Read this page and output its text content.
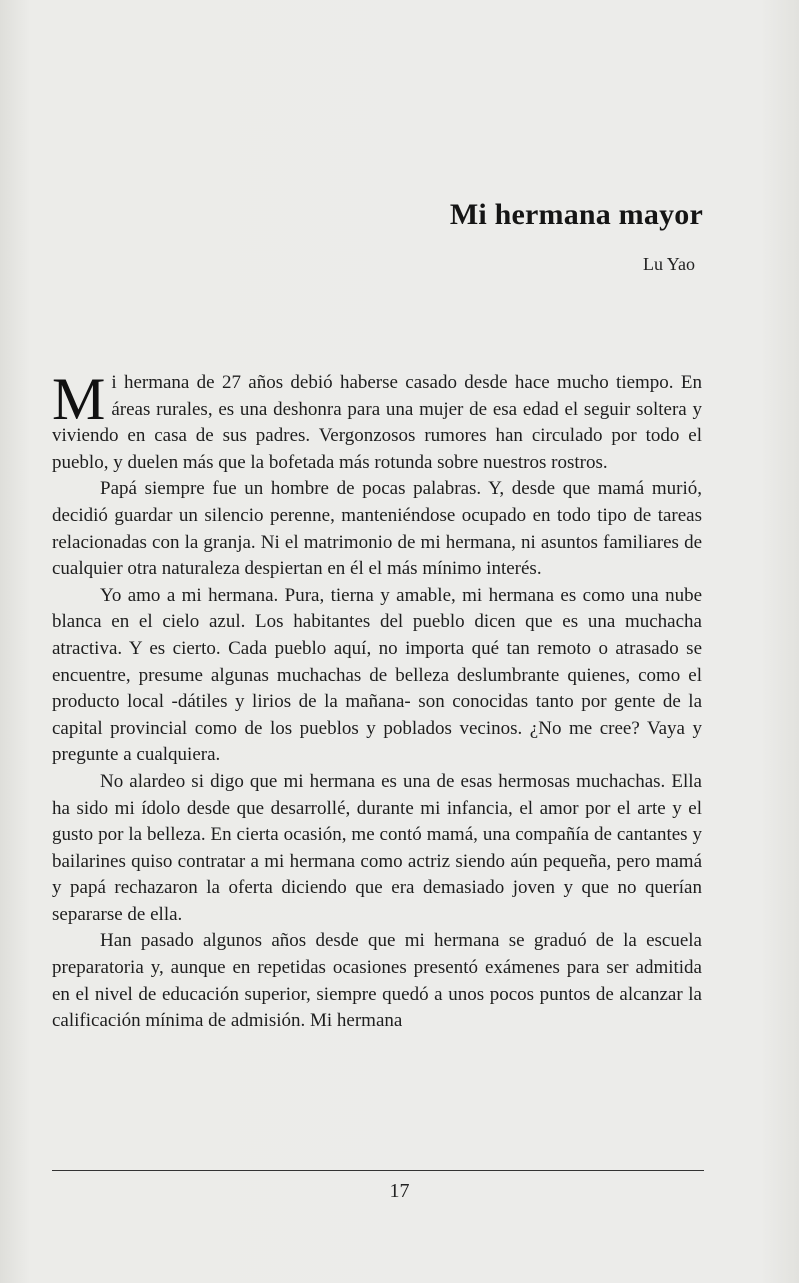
Mi hermana mayor
Lu Yao

Mi hermana de 27 años debió haberse casado desde hace mucho tiempo. En áreas rurales, es una deshonra para una mujer de esa edad el seguir soltera y viviendo en casa de sus padres. Vergonzosos rumores han circulado por todo el pueblo, y duelen más que la bofetada más rotunda sobre nuestros rostros.

Papá siempre fue un hombre de pocas palabras. Y, desde que mamá murió, decidió guardar un silencio perenne, manteniéndose ocupado en todo tipo de tareas relacionadas con la granja. Ni el matrimonio de mi hermana, ni asuntos familiares de cualquier otra naturaleza despiertan en él el más mínimo interés.

Yo amo a mi hermana. Pura, tierna y amable, mi hermana es como una nube blanca en el cielo azul. Los habitantes del pueblo dicen que es una muchacha atractiva. Y es cierto. Cada pueblo aquí, no importa qué tan remoto o atrasado se encuentre, presume algunas muchachas de belleza deslumbrante quienes, como el producto local -dátiles y lirios de la mañana- son conocidas tanto por gente de la capital provincial como de los pueblos y poblados vecinos. ¿No me cree? Vaya y pregunte a cualquiera.

No alardeo si digo que mi hermana es una de esas hermosas muchachas. Ella ha sido mi ídolo desde que desarrollé, durante mi infancia, el amor por el arte y el gusto por la belleza. En cierta ocasión, me contó mamá, una compañía de cantantes y bailarines quiso contratar a mi hermana como actriz siendo aún pequeña, pero mamá y papá rechazaron la oferta diciendo que era demasiado joven y que no querían separarse de ella.

Han pasado algunos años desde que mi hermana se graduó de la escuela preparatoria y, aunque en repetidas ocasiones presentó exámenes para ser admitida en el nivel de educación superior, siempre quedó a unos pocos puntos de alcanzar la calificación mínima de admisión. Mi hermana

17
